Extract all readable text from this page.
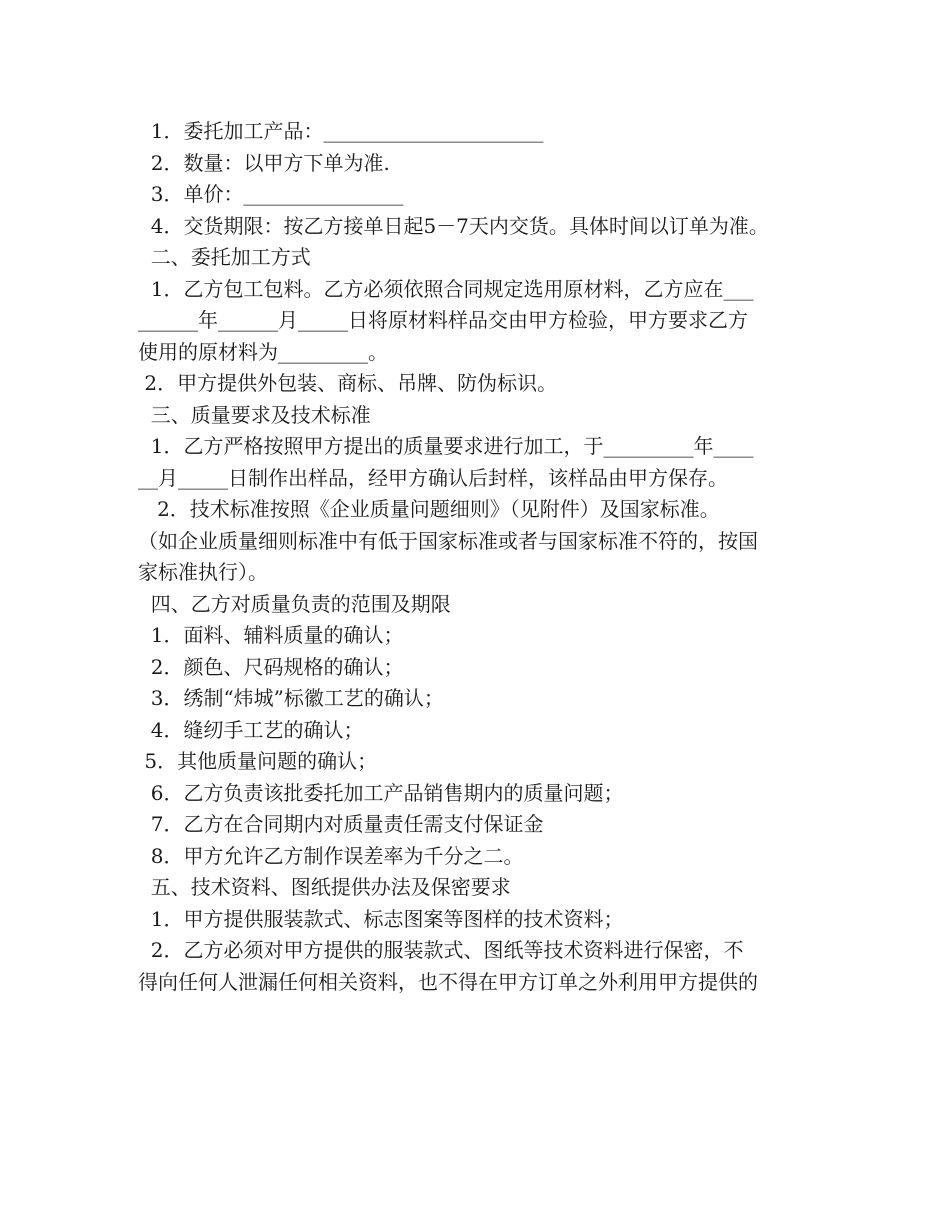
1．委托加工产品：______________________
2．数量：以甲方下单为准.
3．单价：________________
4．交货期限：按乙方接单日起5－7天内交货。具体时间以订单为准。
二、委托加工方式
1．乙方包工包料。乙方必须依照合同规定选用原材料，乙方应在___
______年______月_____日将原材料样品交由甲方检验，甲方要求乙方
使用的原材料为_________。
2．甲方提供外包装、商标、吊牌、防伪标识。
三、质量要求及技术标准
1．乙方严格按照甲方提出的质量要求进行加工，于_________年____
__月_____日制作出样品，经甲方确认后封样，该样品由甲方保存。
2．技术标准按照《企业质量问题细则》（见附件）及国家标准。
（如企业质量细则标准中有低于国家标准或者与国家标准不符的，按国
家标准执行）。
四、乙方对质量负责的范围及期限
1．面料、辅料质量的确认；
2．颜色、尺码规格的确认；
3．绣制“炜城”标徽工艺的确认；
4．缝纫手工艺的确认；
5．其他质量问题的确认；
6．乙方负责该批委托加工产品销售期内的质量问题；
7．乙方在合同期内对质量责任需支付保证金
8．甲方允许乙方制作误差率为千分之二。
五、技术资料、图纸提供办法及保密要求
1．甲方提供服装款式、标志图案等图样的技术资料；
2．乙方必须对甲方提供的服装款式、图纸等技术资料进行保密，不
得向任何人泄漏任何相关资料，也不得在甲方订单之外利用甲方提供的
